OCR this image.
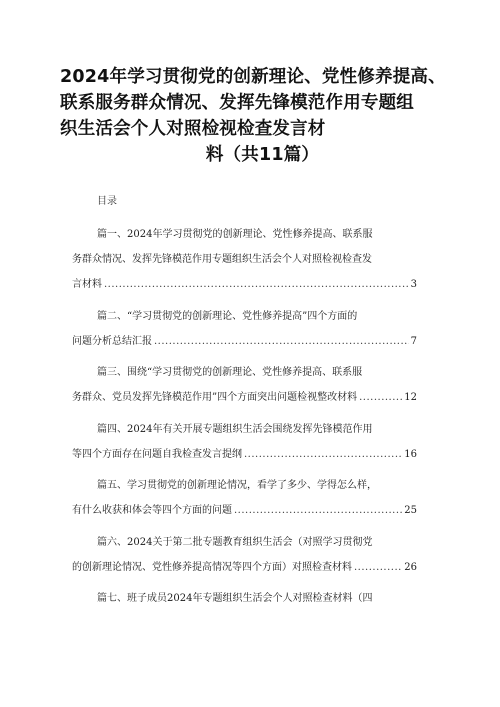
2024年学习贯彻党的创新理论、党性修养提高、
联系服务群众情况、发挥先锋模范作用专题组
织生活会个人对照检视检查发言材
料（共11篇）
目录
篇一、2024年学习贯彻党的创新理论、党性修养提高、联系服
务群众情况、发挥先锋模范作用专题组织生活会个人对照检视检查发
言材料 .....	3
篇二、“学习贯彻党的创新理论、党性修养提高”四个方面的
问题分析总结汇报 .....	7
篇三、围绕“学习贯彻党的创新理论、党性修养提高、联系服
务群众、党员发挥先锋模范作用”四个方面突出问题检视整改材料 .....	12
篇四、2024年有关开展专题组织生活会围绕发挥先锋模范作用
等四个方面存在问题自我检查发言提纲 .....	16
篇五、学习贯彻党的创新理论情况，看学了多少、学得怎么样，
有什么收获和体会等四个方面的问题 .....	25
篇六、2024关于第二批专题教育组织生活会（对照学习贯彻党
的创新理论情况、党性修养提高情况等四个方面）对照检查材料 .....	26
篇七、班子成员2024年专题组织生活会个人对照检查材料（四
